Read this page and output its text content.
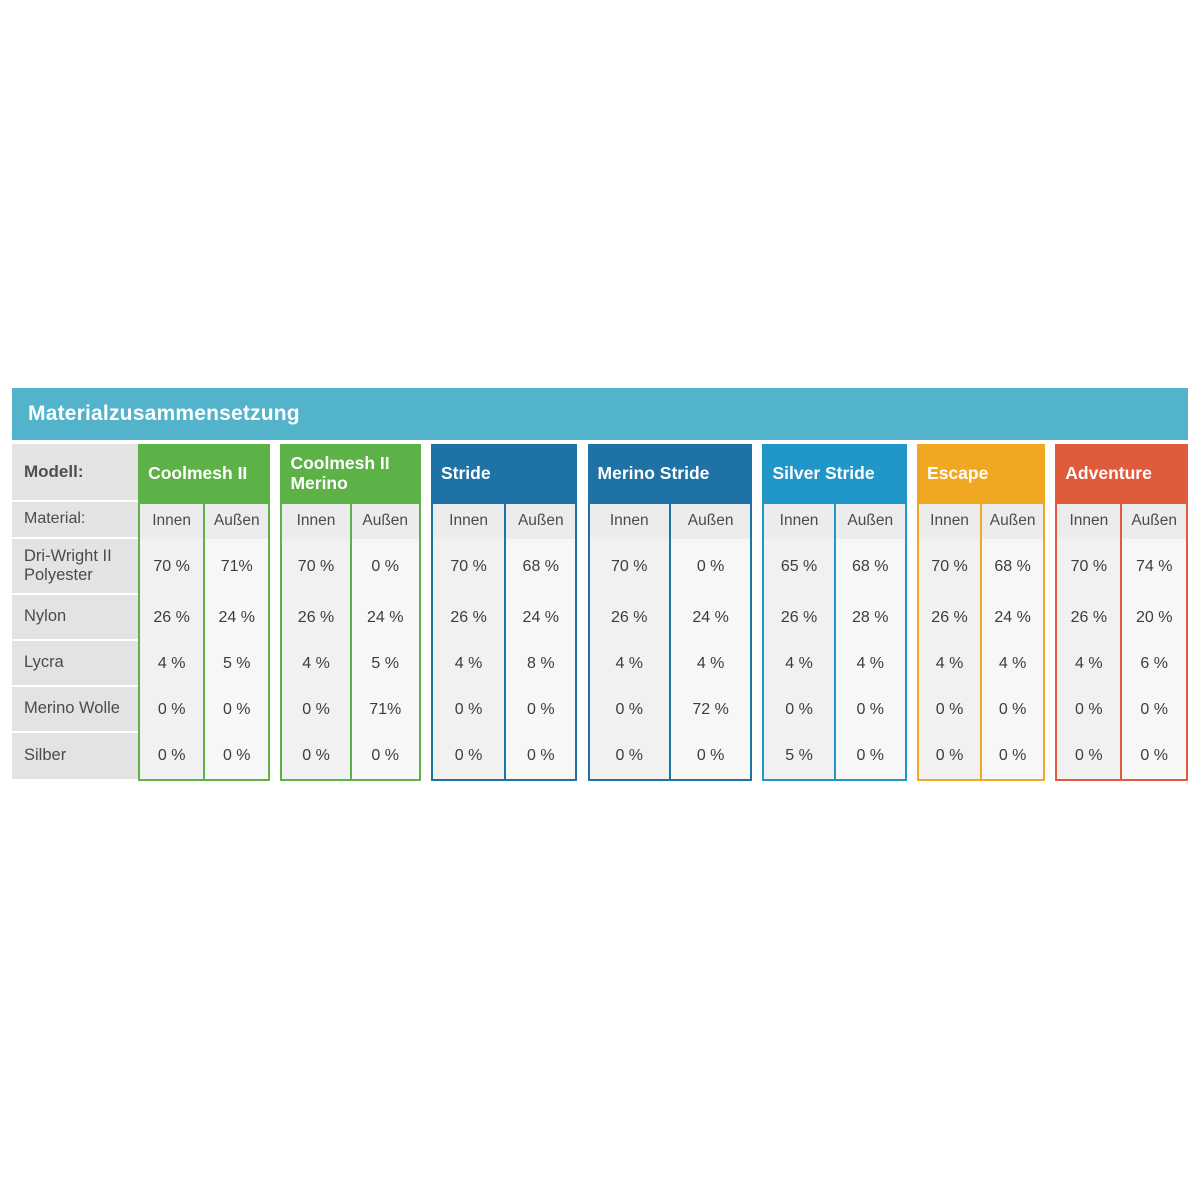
Materialzusammensetzung																				

Modell:	Coolmesh II			Coolmesh II Merino			Stride			Merino Stride			Silver Stride			Escape			Adventure	
Material:	Innen	Außen		Innen	Außen		Innen	Außen		Innen	Außen		Innen	Außen		Innen	Außen		Innen	Außen
Dri-Wright II Polyester	70 %	71%		70 %	0 %		70 %	68 %		70 %	0 %		65 %	68 %		70 %	68 %		70 %	74 %
Nylon	26 %	24 %		26 %	24 %		26 %	24 %		26 %	24 %		26 %	28 %		26 %	24 %		26 %	20 %
Lycra	4 %	5 %		4 %	5 %		4 %	8 %		4 %	4 %		4 %	4 %		4 %	4 %		4 %	6 %
Merino Wolle	0 %	0 %		0 %	71%		0 %	0 %		0 %	72 %		0 %	0 %		0 %	0 %		0 %	0 %
Silber	0 %	0 %		0 %	0 %		0 %	0 %		0 %	0 %		5 %	0 %		0 %	0 %		0 %	0 %
